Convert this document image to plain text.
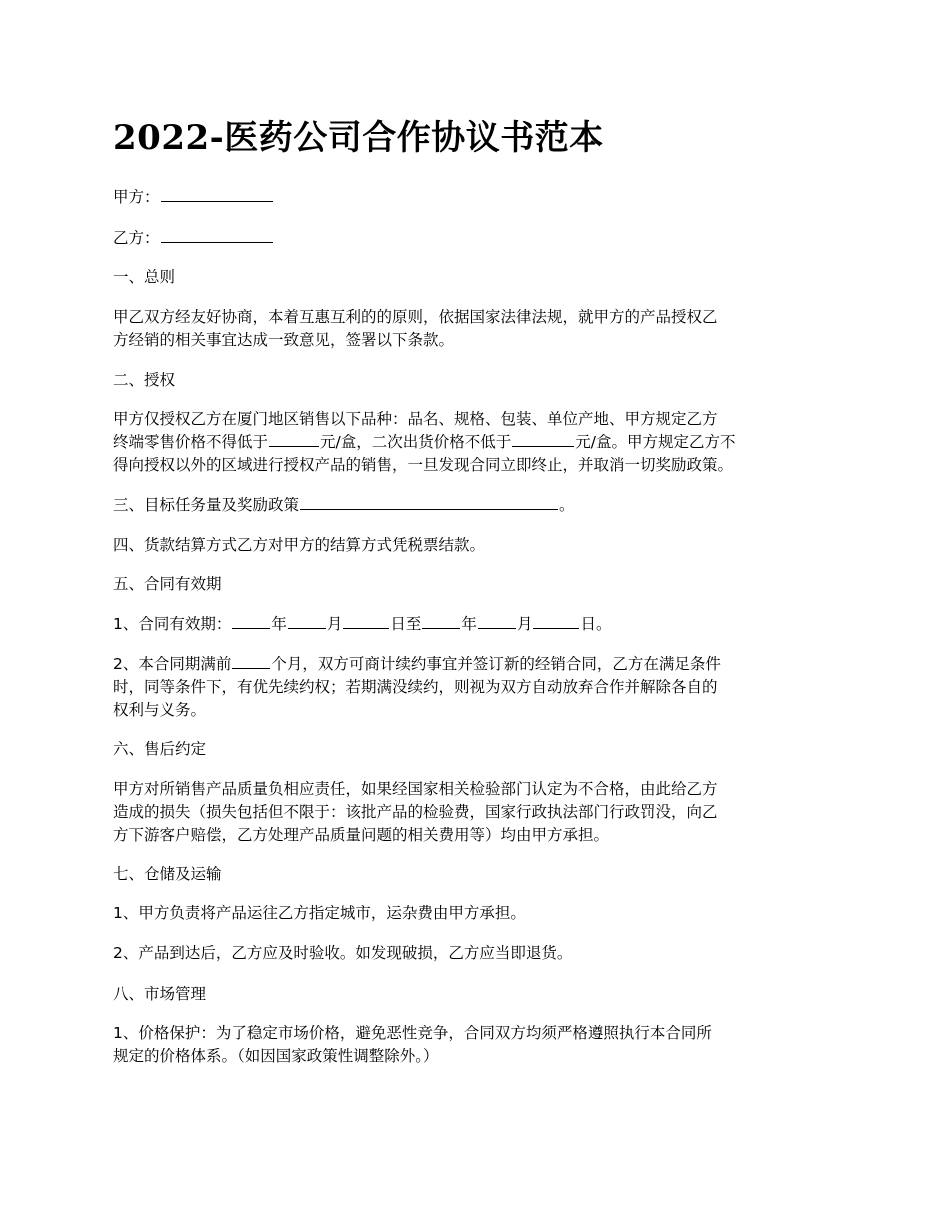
2022-医药公司合作协议书范本

甲方：

乙方：

一、总则

甲乙双方经友好协商，本着互惠互利的的原则，依据国家法律法规，就甲方的产品授权乙

方经销的相关事宜达成一致意见，签署以下条款。

二、授权

甲方仅授权乙方在厦门地区销售以下品种：品名、规格、包装、单位产地、甲方规定乙方

终端零售价格不得低于	元/盒，二次出货价格不低于	元/盒。甲方规定乙方不

得向授权以外的区域进行授权产品的销售，一旦发现合同立即终止，并取消一切奖励政策。

三、目标任务量及奖励政策	。

四、货款结算方式乙方对甲方的结算方式凭税票结款。

五、合同有效期

1、合同有效期：	年	月	日至	年	月	日。

2、本合同期满前	个月，双方可商计续约事宜并签订新的经销合同，乙方在满足条件

时，同等条件下，有优先续约权；若期满没续约，则视为双方自动放弃合作并解除各自的

权利与义务。

六、售后约定

甲方对所销售产品质量负相应责任，如果经国家相关检验部门认定为不合格，由此给乙方

造成的损失（损失包括但不限于：该批产品的检验费，国家行政执法部门行政罚没，向乙

方下游客户赔偿，乙方处理产品质量问题的相关费用等）均由甲方承担。

七、仓储及运输

1、甲方负责将产品运往乙方指定城市，运杂费由甲方承担。

2、产品到达后，乙方应及时验收。如发现破损，乙方应当即退货。

八、市场管理

1、价格保护：为了稳定市场价格，避免恶性竞争，合同双方均须严格遵照执行本合同所

规定的价格体系。（如因国家政策性调整除外。）
